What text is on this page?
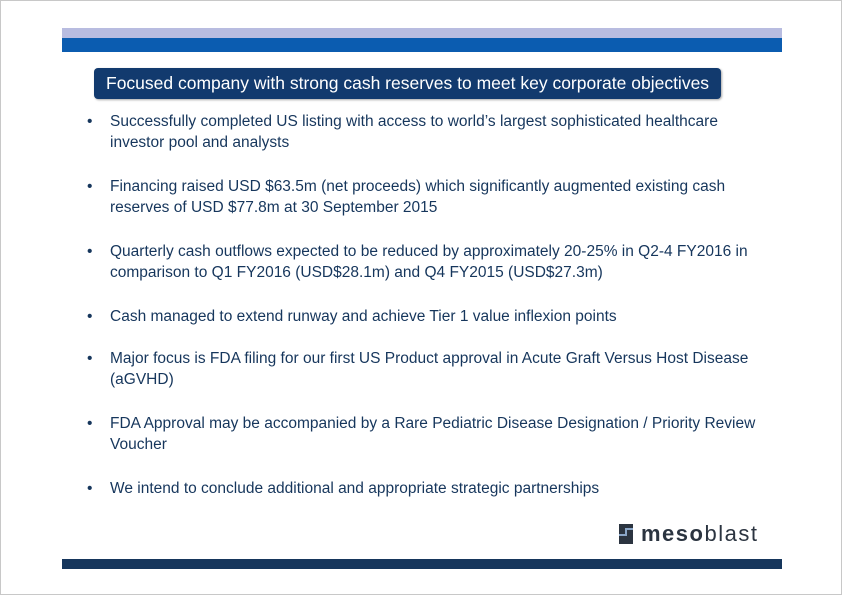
Focused company with strong cash reserves to meet key corporate objectives
• Successfully completed US listing with access to world’s largest sophisticated healthcare investor pool and analysts
• Financing raised USD $63.5m (net proceeds) which significantly augmented existing cash reserves of USD $77.8m at 30 September 2015
• Quarterly cash outflows expected to be reduced by approximately 20-25% in Q2-4 FY2016 in comparison to Q1 FY2016 (USD$28.1m) and Q4 FY2015 (USD$27.3m)
• Cash managed to extend runway and achieve Tier 1 value inflexion points
• Major focus is FDA filing for our first US Product approval in Acute Graft Versus Host Disease (aGVHD)
• FDA Approval may be accompanied by a Rare Pediatric Disease Designation / Priority Review Voucher
• We intend to conclude additional and appropriate strategic partnerships
mesoblast
